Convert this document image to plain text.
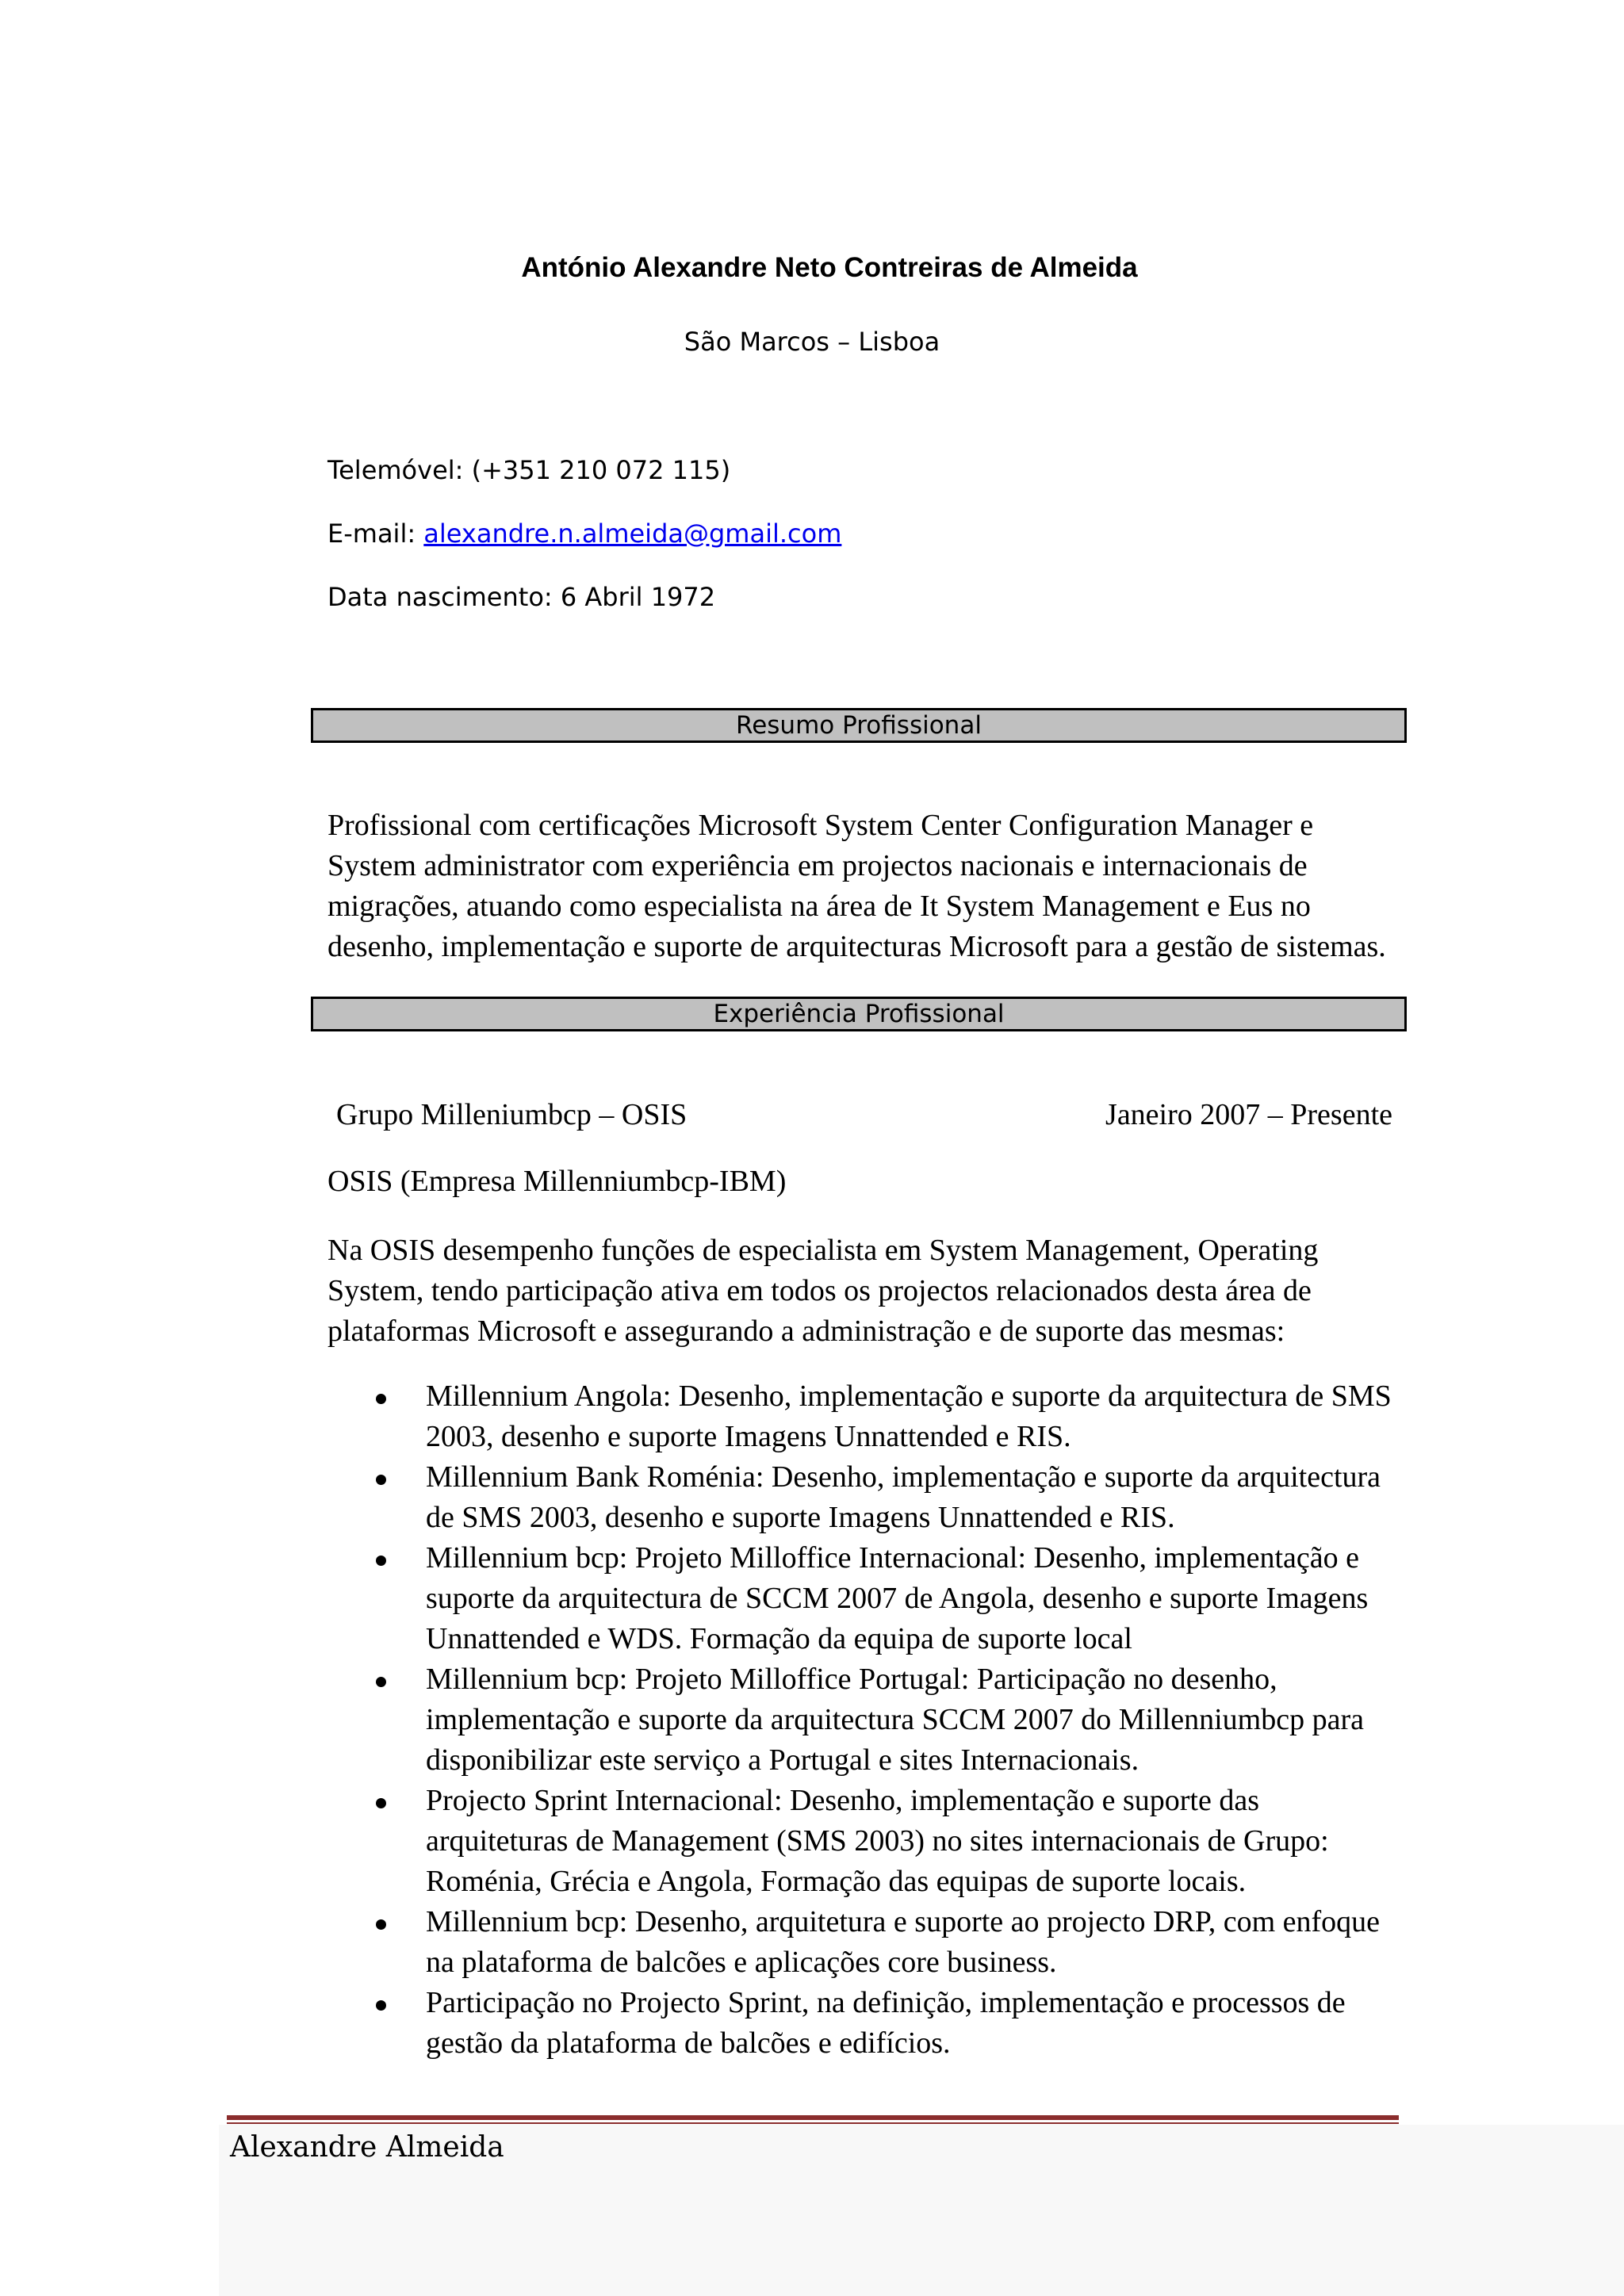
António Alexandre Neto Contreiras de Almeida
São Marcos – Lisboa
Telemóvel: (+351 210 072 115)
E-mail: alexandre.n.almeida@gmail.com
Data nascimento: 6 Abril 1972
Resumo Profissional
Profissional com certificações Microsoft System Center Configuration Manager e
System administrator com experiência em projectos nacionais e internacionais de
migrações, atuando como especialista na área de It System Management e Eus no
desenho, implementação e suporte de arquitecturas Microsoft para a gestão de sistemas.
Experiência Profissional
Grupo Milleniumbcp – OSIS	Janeiro 2007 – Presente
OSIS (Empresa Millenniumbcp-IBM)
Na OSIS desempenho funções de especialista em System Management, Operating
System, tendo participação ativa em todos os projectos relacionados desta área de
plataformas Microsoft e assegurando a administração e de suporte das mesmas:
Millennium Angola: Desenho, implementação e suporte da arquitectura de SMS
2003, desenho e suporte Imagens Unnattended e RIS.
Millennium Bank Roménia: Desenho, implementação e suporte da arquitectura
de SMS 2003, desenho e suporte Imagens Unnattended e RIS.
Millennium bcp: Projeto Milloffice Internacional: Desenho, implementação e
suporte da arquitectura de SCCM 2007 de Angola, desenho e suporte Imagens
Unnattended e WDS. Formação da equipa de suporte local
Millennium bcp: Projeto Milloffice Portugal: Participação no desenho,
implementação e suporte da arquitectura SCCM 2007 do Millenniumbcp para
disponibilizar este serviço a Portugal e sites Internacionais.
Projecto Sprint Internacional: Desenho, implementação e suporte das
arquiteturas de Management (SMS 2003) no sites internacionais de Grupo:
Roménia, Grécia e Angola, Formação das equipas de suporte locais.
Millennium bcp: Desenho, arquitetura e suporte ao projecto DRP, com enfoque
na plataforma de balcões e aplicações core business.
Participação no Projecto Sprint, na definição, implementação e processos de
gestão da plataforma de balcões e edifícios.
Alexandre Almeida
